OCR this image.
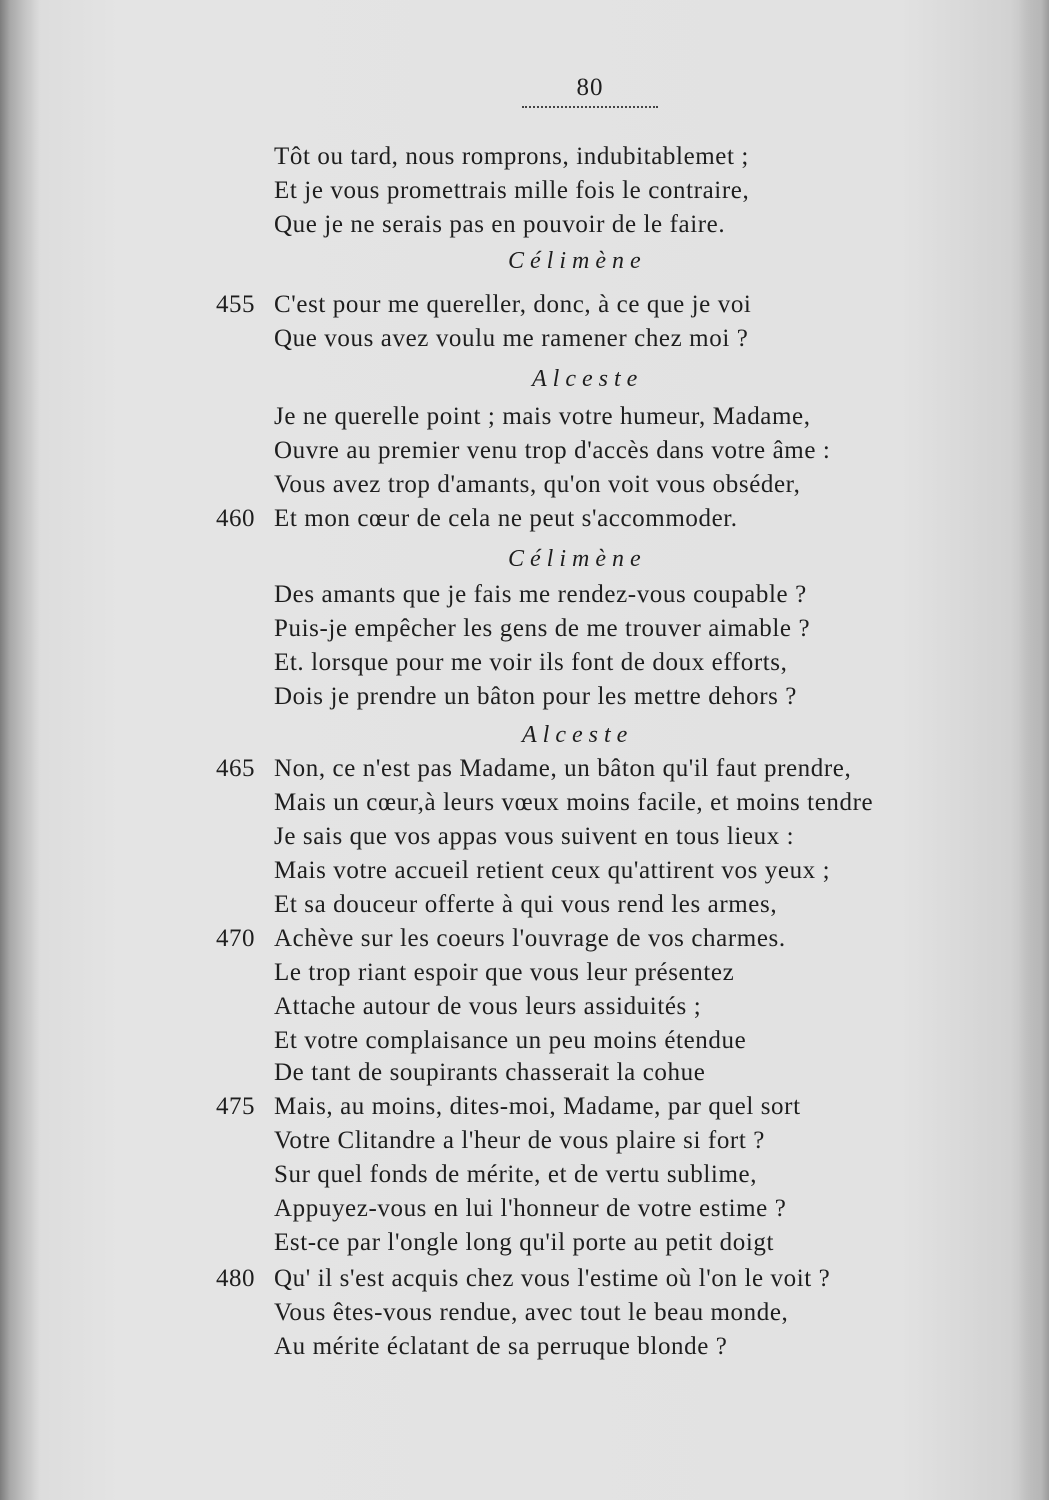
80
Tôt ou tard, nous romprons, indubitablemet ;
Et je vous promettrais mille fois le contraire,
Que je ne serais pas en pouvoir de le faire.
Célimène
455 C'est pour me quereller, donc, à ce que je voi
Que vous avez voulu me ramener chez moi ?
Alceste
Je ne querelle point ; mais votre humeur, Madame,
Ouvre au premier venu trop d'accès dans votre âme :
Vous avez trop d'amants, qu'on voit vous obséder,
460 Et mon cœur de cela ne peut s'accommoder.
Célimène
Des amants que je fais me rendez-vous coupable ?
Puis-je empêcher les gens de me trouver aimable ?
Et. lorsque pour me voir ils font de doux efforts,
Dois je prendre un bâton pour les mettre dehors ?
Alceste
465 Non, ce n'est pas Madame, un bâton qu'il faut prendre,
Mais un cœur,à leurs vœux moins facile, et moins tendre
Je sais que vos appas vous suivent en tous lieux :
Mais votre accueil retient ceux qu'attirent vos yeux ;
Et sa douceur offerte à qui vous rend les armes,
470 Achève sur les coeurs l'ouvrage de vos charmes.
Le trop riant espoir que vous leur présentez
Attache autour de vous leurs assiduités ;
Et votre complaisance un peu moins étendue
De tant de soupirants chasserait la cohue
475 Mais, au moins, dites-moi, Madame, par quel sort
Votre Clitandre a l'heur de vous plaire si fort ?
Sur quel fonds de mérite, et de vertu sublime,
Appuyez-vous en lui l'honneur de votre estime ?
Est-ce par l'ongle long qu'il porte au petit doigt
480 Qu' il s'est acquis chez vous l'estime où l'on le voit ?
Vous êtes-vous rendue, avec tout le beau monde,
Au mérite éclatant de sa perruque blonde ?
